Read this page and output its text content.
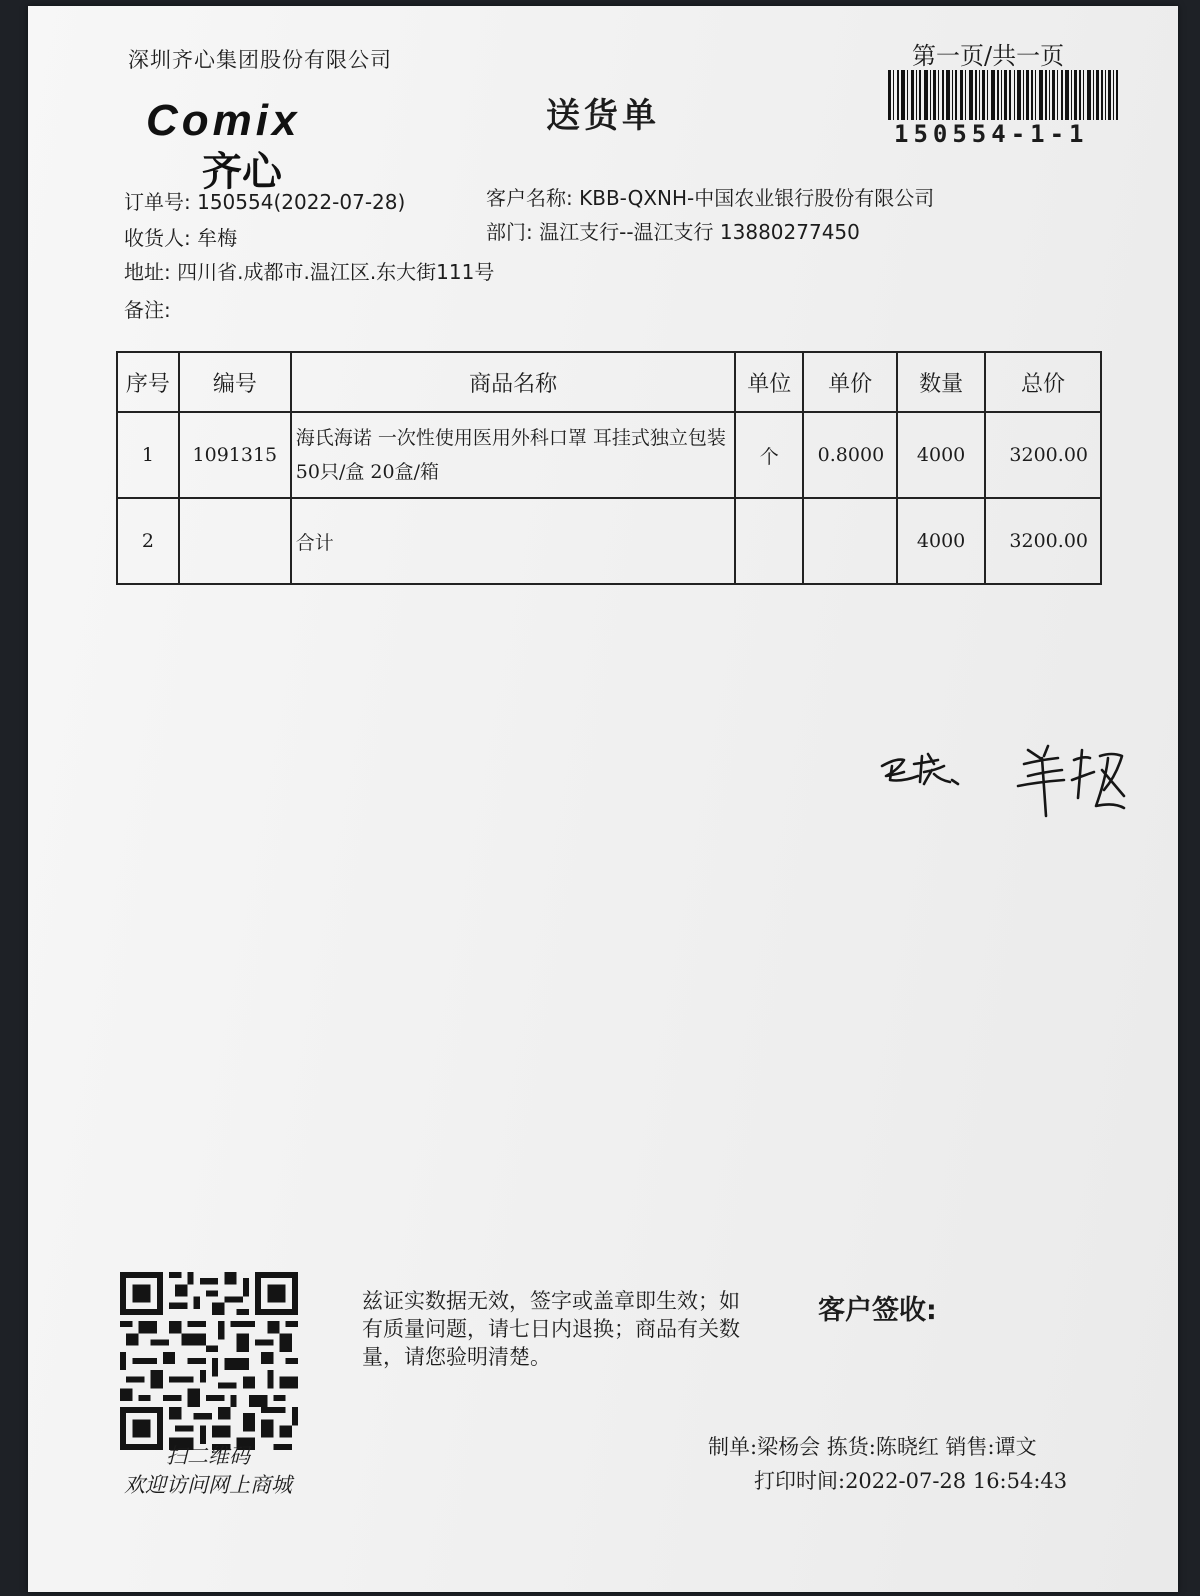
深圳齐心集团股份有限公司
Comix
齐心
送货单
第一页/共一页
150554-1-1
订单号: 150554(2022-07-28)
收货人: 牟梅
地址: 四川省.成都市.温江区.东大街111号
备注:
客户名称: KBB-QXNH-中国农业银行股份有限公司
部门: 温江支行--温江支行 13880277450
序号	编号	商品名称	单位	单价	数量	总价
1	1091315	海氏海诺 一次性使用医用外科口罩 耳挂式独立包装 50只/盒 20盒/箱	个	0.8000	4000	3200.00
2		合计			4000	3200.00
扫二维码
欢迎访问网上商城
兹证实数据无效，签字或盖章即生效；如有质量问题，请七日内退换；商品有关数量，请您验明清楚。
客户签收:
制单:梁杨会 拣货:陈晓红 销售:谭文 
打印时间:2022-07-28 16:54:43
